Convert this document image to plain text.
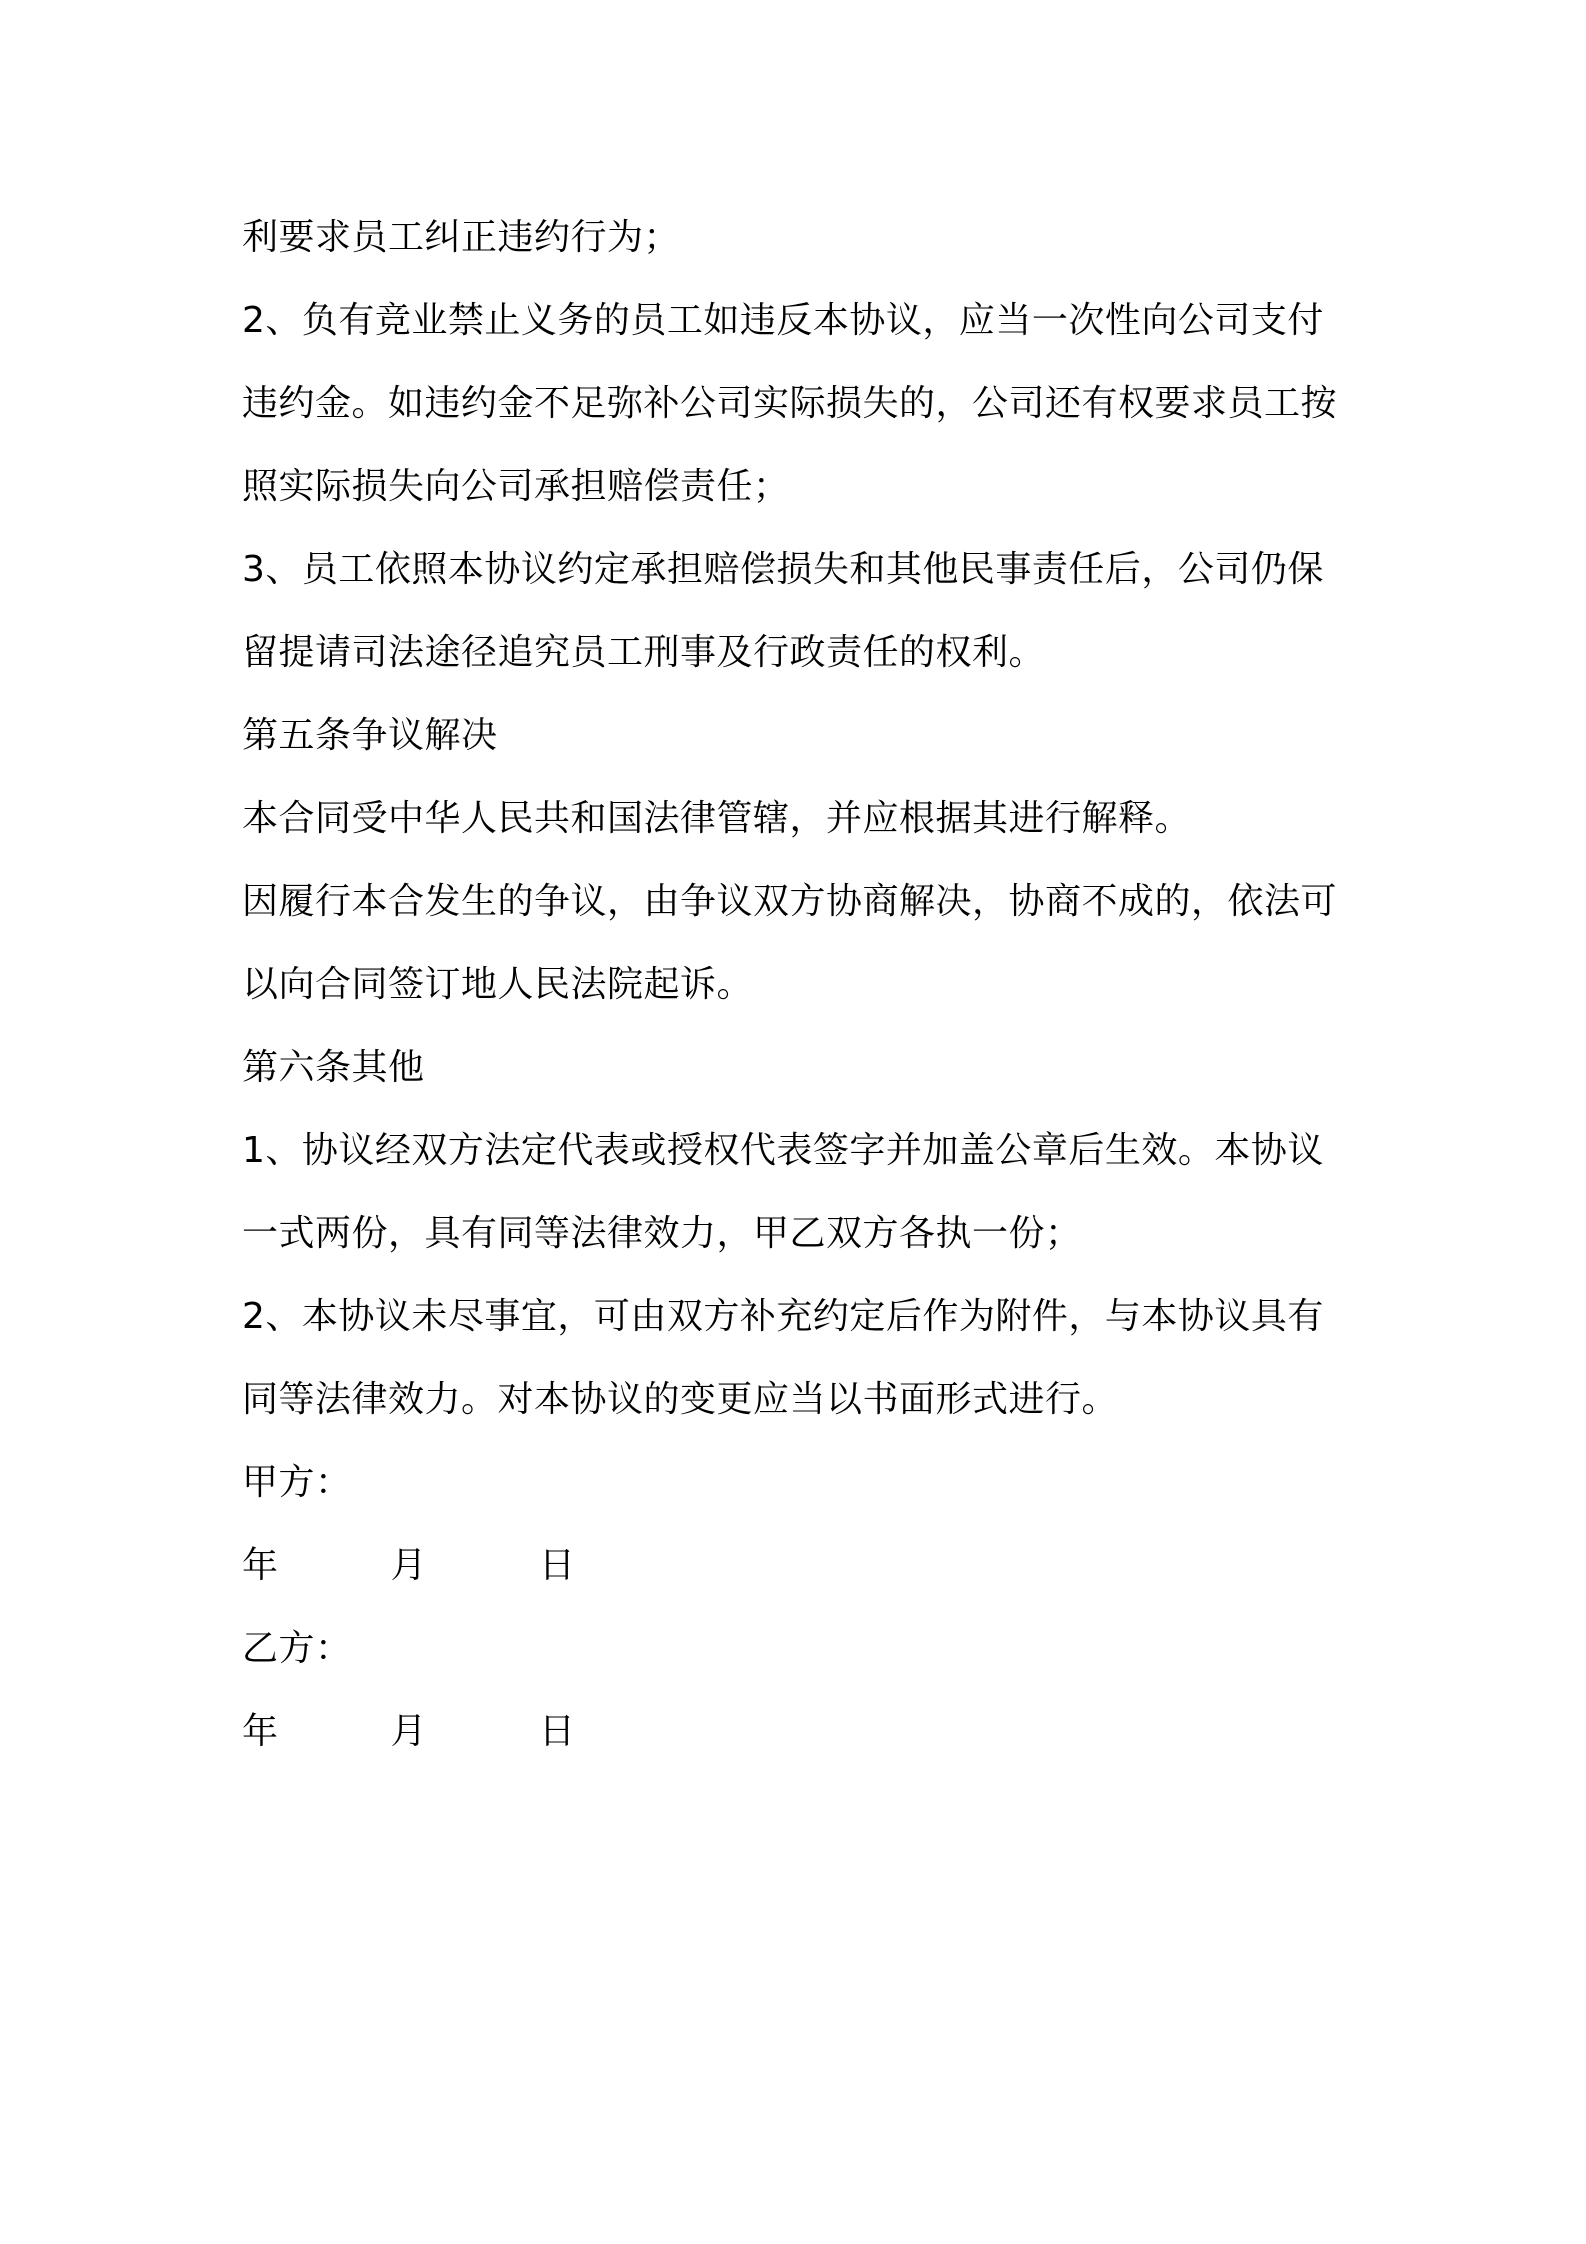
利要求员工纠正违约行为；
2、负有竞业禁止义务的员工如违反本协议，应当一次性向公司支付
违约金。如违约金不足弥补公司实际损失的，公司还有权要求员工按
照实际损失向公司承担赔偿责任；
3、员工依照本协议约定承担赔偿损失和其他民事责任后，公司仍保
留提请司法途径追究员工刑事及行政责任的权利。
第五条争议解决
本合同受中华人民共和国法律管辖，并应根据其进行解释。
因履行本合发生的争议，由争议双方协商解决，协商不成的，依法可
以向合同签订地人民法院起诉。
第六条其他
1、协议经双方法定代表或授权代表签字并加盖公章后生效。本协议
一式两份，具有同等法律效力，甲乙双方各执一份；
2、本协议未尽事宜，可由双方补充约定后作为附件，与本协议具有
同等法律效力。对本协议的变更应当以书面形式进行。
甲方：
年	月	日
乙方：
年	月	日
